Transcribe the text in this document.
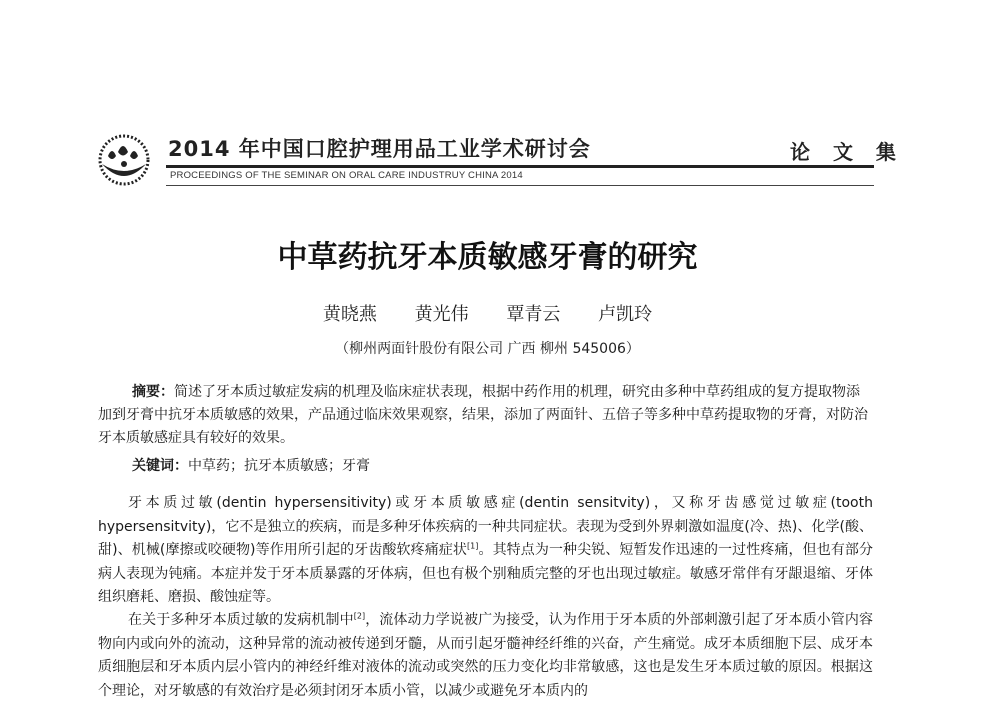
2014 年中国口腔护理用品工业学术研讨会	论 文 集
PROCEEDINGS OF THE SEMINAR ON ORAL CARE INDUSTRUY CHINA 2014
中草药抗牙本质敏感牙膏的研究
黄晓燕 黄光伟 覃青云 卢凯玲
（柳州两面针股份有限公司 广西 柳州 545006）

摘要：简述了牙本质过敏症发病的机理及临床症状表现，根据中药作用的机理，研究由多种中草药组成的复方提取物添加到牙膏中抗牙本质敏感的效果，产品通过临床效果观察，结果，添加了两面针、五倍子等多种中草药提取物的牙膏，对防治牙本质敏感症具有较好的效果。

关键词：中草药；抗牙本质敏感；牙膏

牙本质过敏(dentin hypersensitivity)或牙本质敏感症(dentin sensitvity)，又称牙齿感觉过敏症(tooth hypersensitvity)，它不是独立的疾病，而是多种牙体疾病的一种共同症状。表现为受到外界刺激如温度(冷、热)、化学(酸、甜)、机械(摩擦或咬硬物)等作用所引起的牙齿酸软疼痛症状[1]。其特点为一种尖锐、短暂发作迅速的一过性疼痛，但也有部分病人表现为钝痛。本症并发于牙本质暴露的牙体病，但也有极个别釉质完整的牙也出现过敏症。敏感牙常伴有牙龈退缩、牙体组织磨耗、磨损、酸蚀症等。

在关于多种牙本质过敏的发病机制中[2]，流体动力学说被广为接受，认为作用于牙本质的外部刺激引起了牙本质小管内容物向内或向外的流动，这种异常的流动被传递到牙髓，从而引起牙髓神经纤维的兴奋，产生痛觉。成牙本质细胞下层、成牙本质细胞层和牙本质内层小管内的神经纤维对液体的流动或突然的压力变化均非常敏感，这也是发生牙本质过敏的原因。根据这个理论，对牙敏感的有效治疗是必须封闭牙本质小管，以减少或避免牙本质内的
